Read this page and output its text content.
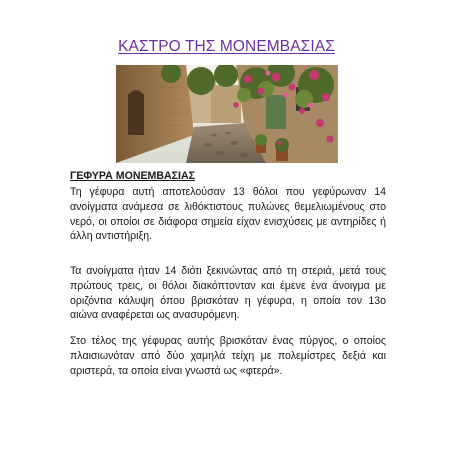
ΚΑΣΤΡΟ ΤΗΣ ΜΟΝΕΜΒΑΣΙΑΣ
ΓΕΦΥΡΑ ΜΟΝΕΜΒΑΣΙΑΣ

Τη γέφυρα αυτή αποτελούσαν 13 θόλοι που γεφύρωναν 14 ανοίγματα ανάμεσα σε λιθόκτιστους πυλώνες θεμελιωμένους στο νερό, οι οποίοι σε διάφορα σημεία είχαν ενισχύσεις με αντηρίδες ή άλλη αντιστήριξη.

Τα ανοίγματα ήταν 14 διότι ξεκινώντας από τη στεριά, μετά τους πρώτους τρεις, οι θόλοι διακόπτονταν και έμενε ένα άνοιγμα με οριζόντια κάλυψη όπου βρισκόταν η γέφυρα, η οποία τον 13ο αιώνα αναφέρεται ως ανασυρόμενη.

Στο τέλος της γέφυρας αυτής βρισκόταν ένας πύργος, ο οποίος πλαισιωνόταν από δύο χαμηλά τείχη με πολεμίστρες δεξιά και αριστερά, τα οποία είναι γνωστά ως «φτερά».
